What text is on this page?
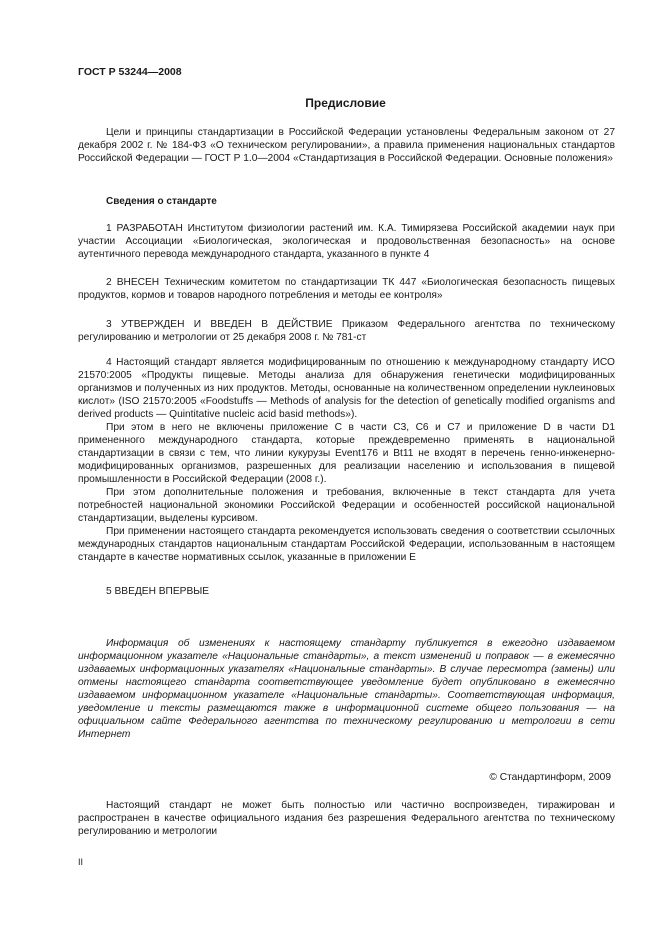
ГОСТ Р 53244—2008
Предисловие

Цели и принципы стандартизации в Российской Федерации установлены Федеральным законом от 27 декабря 2002 г. № 184-ФЗ «О техническом регулировании», а правила применения национальных стандартов Российской Федерации — ГОСТ Р 1.0—2004 «Стандартизация в Российской Федерации. Основные положения»

Сведения о стандарте

1 РАЗРАБОТАН Институтом физиологии растений им. К.А. Тимирязева Российской академии наук при участии Ассоциации «Биологическая, экологическая и продовольственная безопасность» на основе аутентичного перевода международного стандарта, указанного в пункте 4

2 ВНЕСЕН Техническим комитетом по стандартизации ТК 447 «Биологическая безопасность пищевых продуктов, кормов и товаров народного потребления и методы ее контроля»

3 УТВЕРЖДЕН И ВВЕДЕН В ДЕЙСТВИЕ Приказом Федерального агентства по техническому регулированию и метрологии от 25 декабря 2008 г. № 781-ст

4 Настоящий стандарт является модифицированным по отношению к международному стандарту ИСО 21570:2005 «Продукты пищевые. Методы анализа для обнаружения генетически модифицированных организмов и полученных из них продуктов. Методы, основанные на количественном определении нуклеиновых кислот» (ISO 21570:2005 «Foodstuffs — Methods of analysis for the detection of genetically modified organisms and derived products — Quintitative nucleic acid basid methods»).

При этом в него не включены приложение С в части C3, С6 и С7 и приложение D в части D1 примененного международного стандарта, которые преждевременно применять в национальной стандартизации в связи с тем, что линии кукурузы Event176 и Bt11 не входят в перечень генно-инженерно-модифицированных организмов, разрешенных для реализации населению и использования в пищевой промышленности в Российской Федерации (2008 г.).

При этом дополнительные положения и требования, включенные в текст стандарта для учета потребностей национальной экономики Российской Федерации и особенностей российской национальной стандартизации, выделены курсивом.

При применении настоящего стандарта рекомендуется использовать сведения о соответствии ссылочных международных стандартов национальным стандартам Российской Федерации, использованным в настоящем стандарте в качестве нормативных ссылок, указанные в приложении Е

5 ВВЕДЕН ВПЕРВЫЕ

Информация об изменениях к настоящему стандарту публикуется в ежегодно издаваемом информационном указателе «Национальные стандарты», а текст изменений и поправок — в ежемесячно издаваемых информационных указателях «Национальные стандарты». В случае пересмотра (замены) или отмены настоящего стандарта соответствующее уведомление будет опубликовано в ежемесячно издаваемом информационном указателе «Национальные стандарты». Соответствующая информация, уведомление и тексты размещаются также в информационной системе общего пользования — на официальном сайте Федерального агентства по техническому регулированию и метрологии в сети Интернет

© Стандартинформ, 2009

Настоящий стандарт не может быть полностью или частично воспроизведен, тиражирован и распространен в качестве официального издания без разрешения Федерального агентства по техническому регулированию и метрологии

II
